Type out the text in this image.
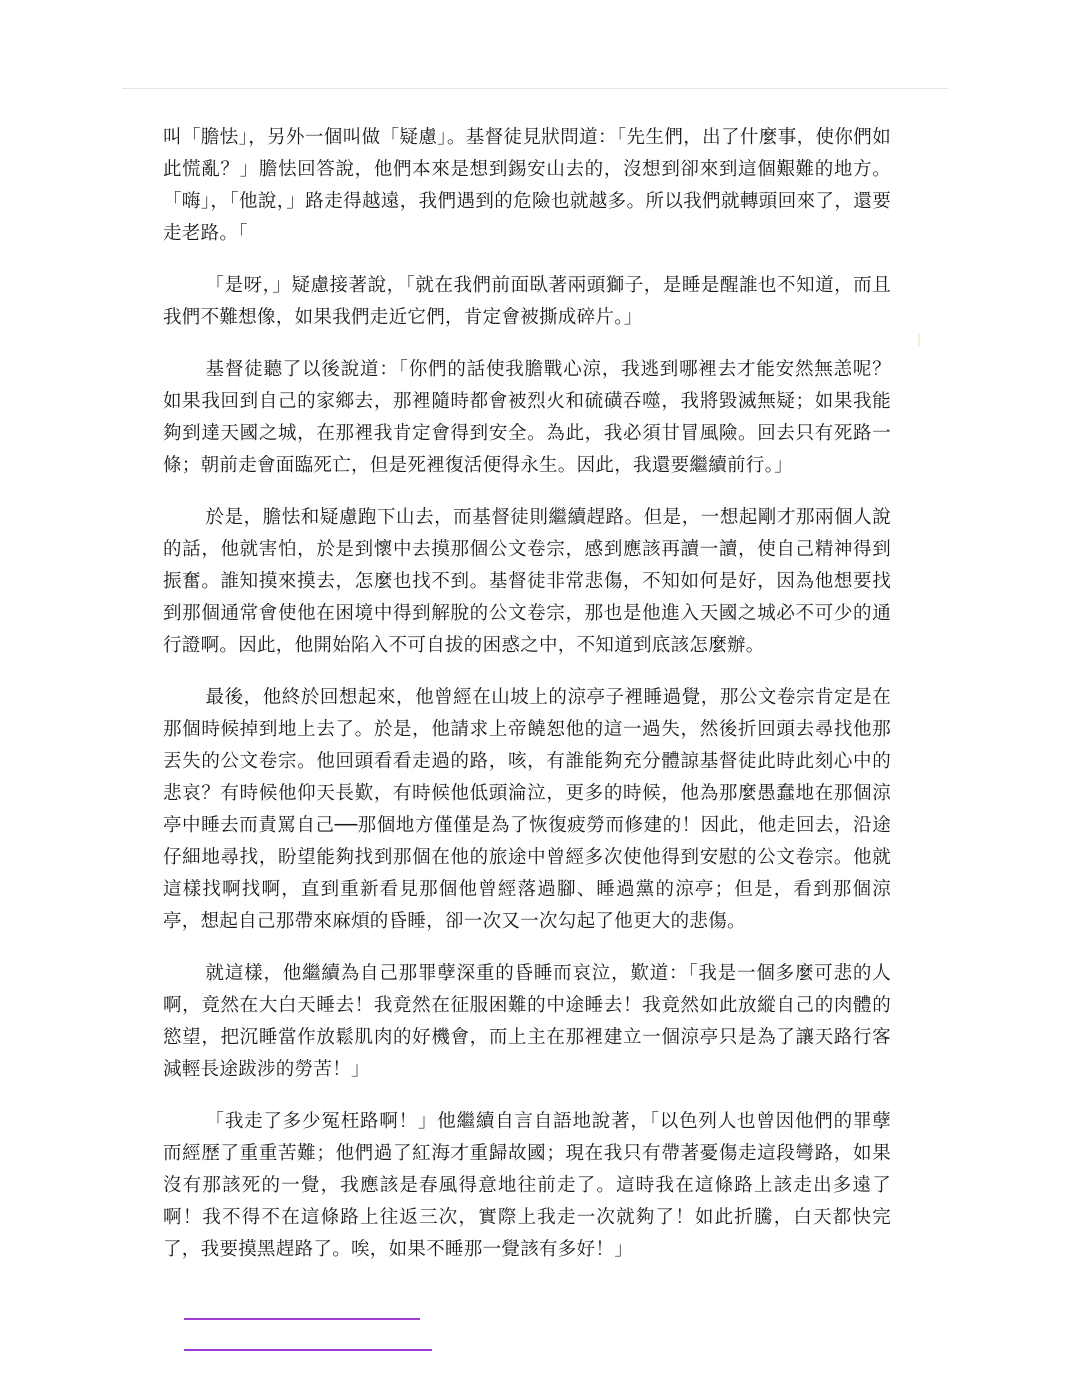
叫「膽怯」，另外一個叫做「疑慮」。基督徒見狀問道：「先生們，出了什麼事，使你們如此慌亂？」膽怯回答說，他們本來是想到錫安山去的，沒想到卻來到這個艱難的地方。「嗨」，「他說，」路走得越遠，我們遇到的危險也就越多。所以我們就轉頭回來了，還要走老路。「

「是呀，」疑慮接著說，「就在我們前面臥著兩頭獅子，是睡是醒誰也不知道，而且我們不難想像，如果我們走近它們，肯定會被撕成碎片。」

基督徒聽了以後說道：「你們的話使我膽戰心涼，我逃到哪裡去才能安然無恙呢？如果我回到自己的家鄉去，那裡隨時都會被烈火和硫磺吞噬，我將毀滅無疑；如果我能夠到達天國之城，在那裡我肯定會得到安全。為此，我必須甘冒風險。回去只有死路一條；朝前走會面臨死亡，但是死裡復活便得永生。因此，我還要繼續前行。」

於是，膽怯和疑慮跑下山去，而基督徒則繼續趕路。但是，一想起剛才那兩個人說的話，他就害怕，於是到懷中去摸那個公文卷宗，感到應該再讀一讀，使自己精神得到振奮。誰知摸來摸去，怎麼也找不到。基督徒非常悲傷，不知如何是好，因為他想要找到那個通常會使他在困境中得到解脫的公文卷宗，那也是他進入天國之城必不可少的通行證啊。因此，他開始陷入不可自拔的困惑之中，不知道到底該怎麼辦。

最後，他終於回想起來，他曾經在山坡上的涼亭子裡睡過覺，那公文卷宗肯定是在那個時候掉到地上去了。於是，他請求上帝饒恕他的這一過失，然後折回頭去尋找他那丟失的公文卷宗。他回頭看看走過的路，咳，有誰能夠充分體諒基督徒此時此刻心中的悲哀？有時候他仰天長歎，有時候他低頭淪泣，更多的時候，他為那麼愚蠢地在那個涼亭中睡去而責罵自己──那個地方僅僅是為了恢復疲勞而修建的！因此，他走回去，沿途仔細地尋找，盼望能夠找到那個在他的旅途中曾經多次使他得到安慰的公文卷宗。他就這樣找啊找啊，直到重新看見那個他曾經落過腳、睡過黨的涼亭；但是，看到那個涼亭，想起自己那帶來麻煩的昏睡，卻一次又一次勾起了他更大的悲傷。

就這樣，他繼續為自己那罪孽深重的昏睡而哀泣，歎道：「我是一個多麼可悲的人啊，竟然在大白天睡去！我竟然在征服困難的中途睡去！我竟然如此放縱自己的肉體的慾望，把沉睡當作放鬆肌肉的好機會，而上主在那裡建立一個涼亭只是為了讓天路行客減輕長途跋涉的勞苦！」

「我走了多少冤枉路啊！」他繼續自言自語地說著，「以色列人也曾因他們的罪孽而經歷了重重苦難；他們過了紅海才重歸故國；現在我只有帶著憂傷走這段彎路，如果沒有那該死的一覺，我應該是春風得意地往前走了。這時我在這條路上該走出多遠了啊！我不得不在這條路上往返三次，實際上我走一次就夠了！如此折騰，白天都快完了，我要摸黑趕路了。唉，如果不睡那一覺該有多好！」
